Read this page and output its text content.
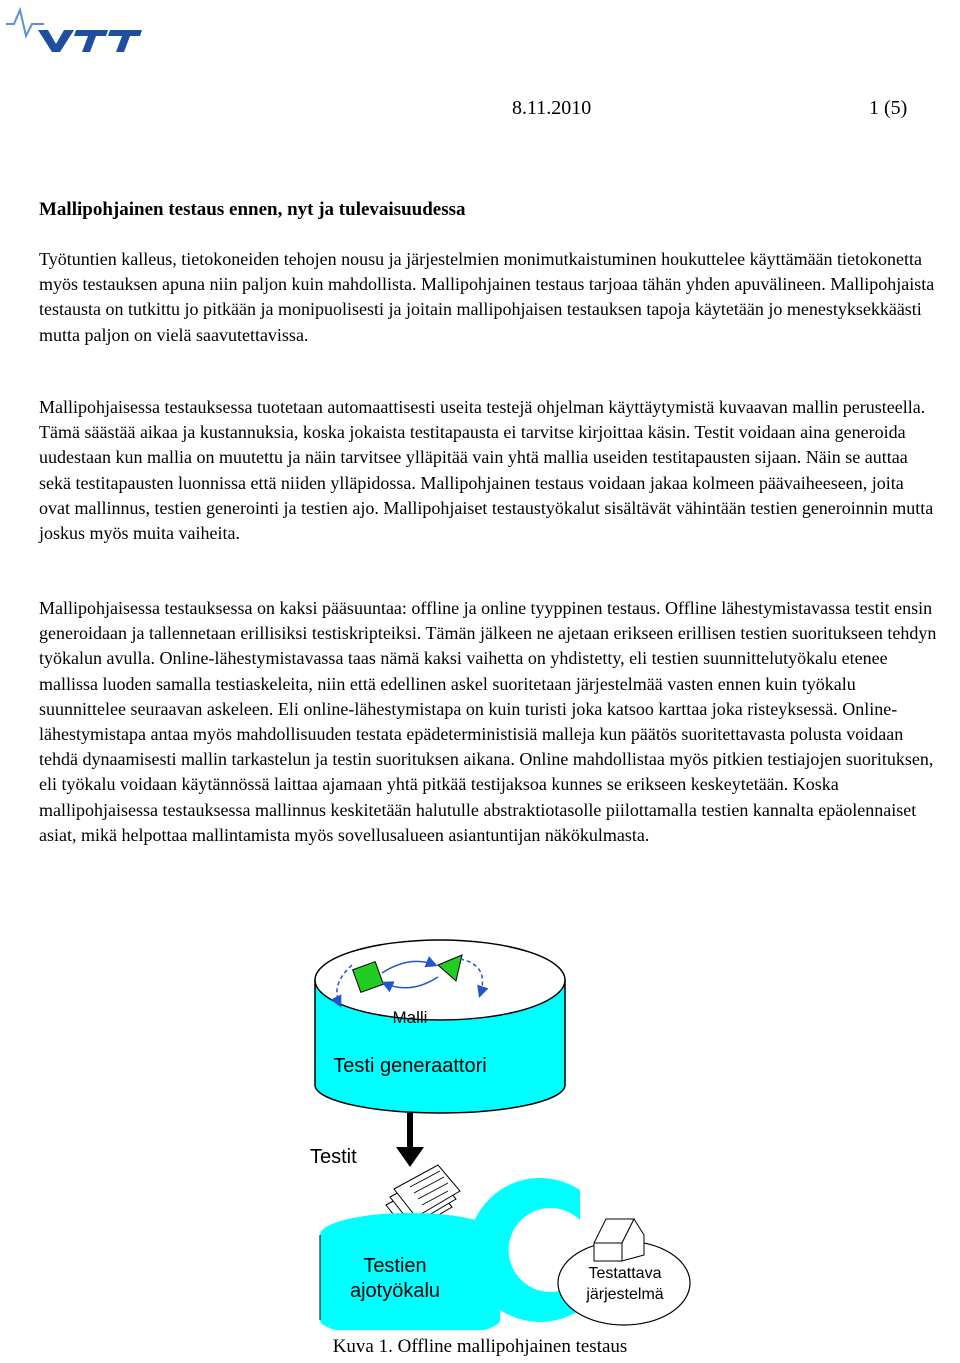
8.11.2010	1 (5)
Mallipohjainen testaus ennen, nyt ja tulevaisuudessa

Työtuntien kalleus, tietokoneiden tehojen nousu ja järjestelmien monimutkaistuminen houkuttelee käyttämään tietokonetta myös testauksen apuna niin paljon kuin mahdollista. Mallipohjainen testaus tarjoaa tähän yhden apuvälineen. Mallipohjaista testausta on tutkittu jo pitkään ja monipuolisesti ja joitain mallipohjaisen testauksen tapoja käytetään jo menestyksekkäästi mutta paljon on vielä saavutettavissa.

Mallipohjaisessa testauksessa tuotetaan automaattisesti useita testejä ohjelman käyttäytymistä kuvaavan mallin perusteella. Tämä säästää aikaa ja kustannuksia, koska jokaista testitapausta ei tarvitse kirjoittaa käsin. Testit voidaan aina generoida uudestaan kun mallia on muutettu ja näin tarvitsee ylläpitää vain yhtä mallia useiden testitapausten sijaan. Näin se auttaa sekä testitapausten luonnissa että niiden ylläpidossa. Mallipohjainen testaus voidaan jakaa kolmeen päävaiheeseen, joita ovat mallinnus, testien generointi ja testien ajo. Mallipohjaiset testaustyökalut sisältävät vähintään testien generoinnin mutta joskus myös muita vaiheita.

Mallipohjaisessa testauksessa on kaksi pääsuuntaa: offline ja online tyyppinen testaus. Offline lähestymistavassa testit ensin generoidaan ja tallennetaan erillisiksi testiskripteiksi. Tämän jälkeen ne ajetaan erikseen erillisen testien suoritukseen tehdyn työkalun avulla. Online-lähestymistavassa taas nämä kaksi vaihetta on yhdistetty, eli testien suunnittelutyökalu etenee mallissa luoden samalla testiaskeleita, niin että edellinen askel suoritetaan järjestelmää vasten ennen kuin työkalu suunnittelee seuraavan askeleen. Eli online-lähestymistapa on kuin turisti joka katsoo karttaa joka risteyksessä. Online-lähestymistapa antaa myös mahdollisuuden testata epädeterministisiä malleja kun päätös suoritettavasta polusta voidaan tehdä dynaamisesti mallin tarkastelun ja testin suorituksen aikana. Online mahdollistaa myös pitkien testiajojen suorituksen, eli työkalu voidaan käytännössä laittaa ajamaan yhtä pitkää testijaksoa kunnes se erikseen keskeytetään. Koska mallipohjaisessa testauksessa mallinnus keskitetään halutulle abstraktiotasolle piilottamalla testien kannalta epäolennaiset asiat, mikä helpottaa mallintamista myös sovellusalueen asiantuntijan näkökulmasta.

Malli
Testi generaattori
Testit
Testien
ajotyökalu
Testattava
järjestelmä

Kuva 1. Offline mallipohjainen testaus
